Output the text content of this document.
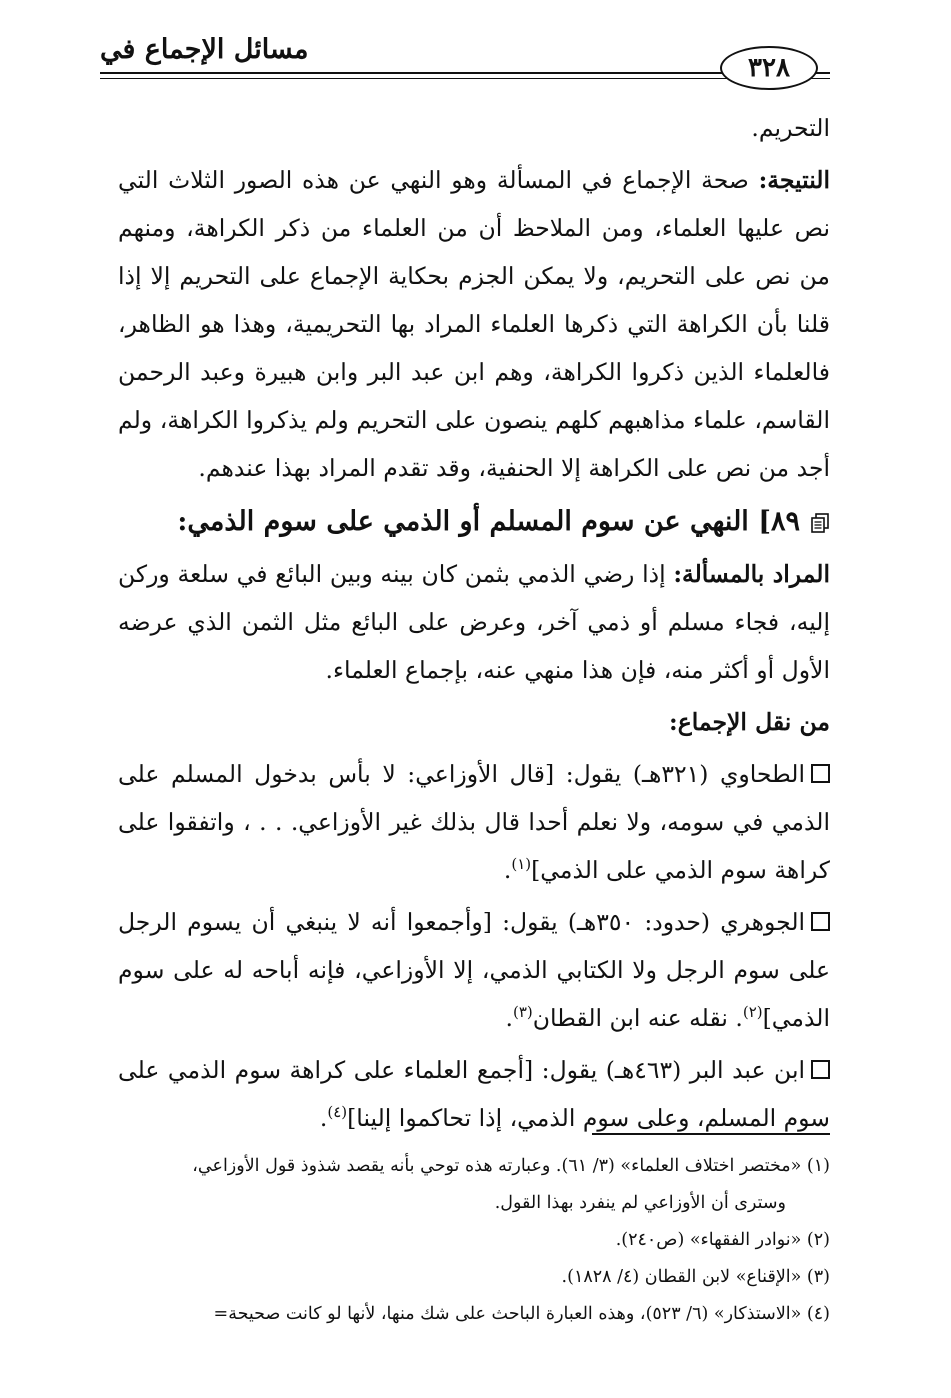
مسائل الإجماع في
٣٢٨

التحريم.

النتيجة: صحة الإجماع في المسألة وهو النهي عن هذه الصور الثلاث التي نص عليها العلماء، ومن الملاحظ أن من العلماء من ذكر الكراهة، ومنهم من نص على التحريم، ولا يمكن الجزم بحكاية الإجماع على التحريم إلا إذا قلنا بأن الكراهة التي ذكرها العلماء المراد بها التحريمية، وهذا هو الظاهر، فالعلماء الذين ذكروا الكراهة، وهم ابن عبد البر وابن هبيرة وعبد الرحمن القاسم، علماء مذاهبهم كلهم ينصون على التحريم ولم يذكروا الكراهة، ولم أجد من نص على الكراهة إلا الحنفية، وقد تقدم المراد بهذا عندهم.

٨٩] النهي عن سوم المسلم أو الذمي على سوم الذمي:

المراد بالمسألة: إذا رضي الذمي بثمن كان بينه وبين البائع في سلعة وركن إليه، فجاء مسلم أو ذمي آخر، وعرض على البائع مثل الثمن الذي عرضه الأول أو أكثر منه، فإن هذا منهي عنه، بإجماع العلماء.

من نقل الإجماع:

الطحاوي (٣٢١هـ) يقول: [قال الأوزاعي: لا بأس بدخول المسلم على الذمي في سومه، ولا نعلم أحدا قال بذلك غير الأوزاعي. . . ، واتفقوا على كراهة سوم الذمي على الذمي]$^{(١)}$.

الجوهري (حدود: ٣٥٠هـ) يقول: [وأجمعوا أنه لا ينبغي أن يسوم الرجل على سوم الرجل ولا الكتابي الذمي، إلا الأوزاعي، فإنه أباحه له على سوم الذمي]$^{(٢)}$. نقله عنه ابن القطان$^{(٣)}$.

ابن عبد البر (٤٦٣هـ) يقول: [أجمع العلماء على كراهة سوم الذمي على سوم المسلم، وعلى سوم الذمي، إذا تحاكموا إلينا]$^{(٤)}$.

(١) «مختصر اختلاف العلماء» (٣/ ٦١). وعبارته هذه توحي بأنه يقصد شذوذ قول الأوزاعي،

وسترى أن الأوزاعي لم ينفرد بهذا القول.

(٢) «نوادر الفقهاء» (ص٢٤٠).

(٣) «الإقناع» لابن القطان (٤/ ١٨٢٨).

(٤) «الاستذكار» (٦/ ٥٢٣)، وهذه العبارة الباحث على شك منها، لأنها لو كانت صحيحة=
